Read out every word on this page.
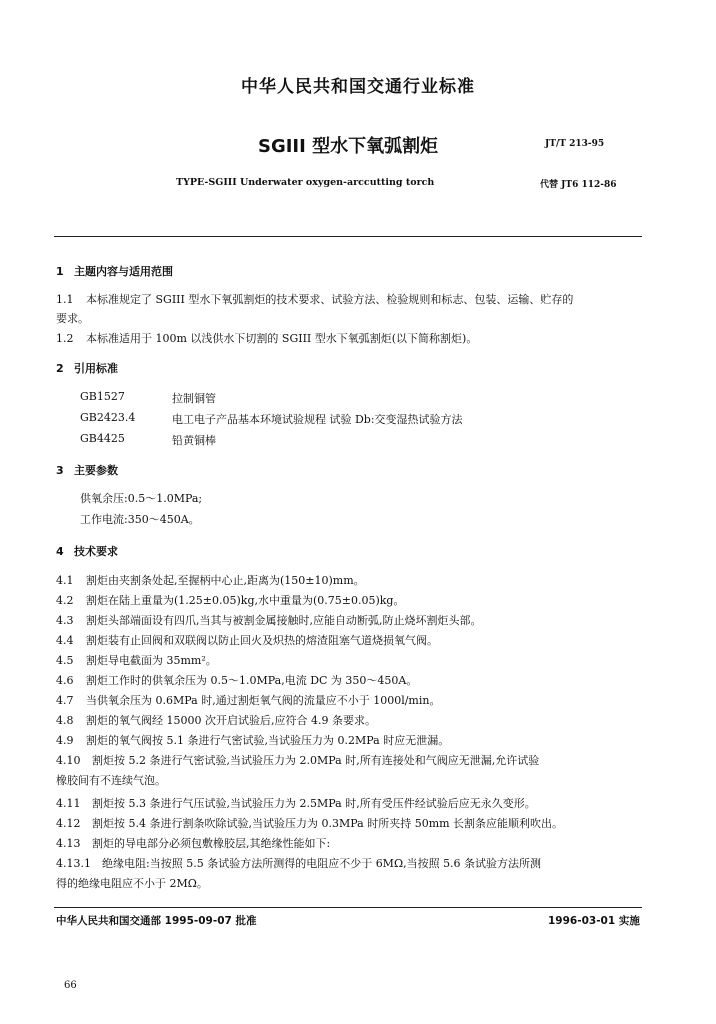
中华人民共和国交通行业标准
SGIII 型水下氧弧割炬	JT/T 213-95
TYPE-SGIII Underwater oxygen-arccutting torch	代替 JT6 112-86
1 主题内容与适用范围
1.1 本标准规定了 SGIII 型水下氧弧割炬的技术要求、试验方法、检验规则和标志、包装、运输、贮存的
要求。
1.2 本标准适用于 100m 以浅供水下切割的 SGIII 型水下氧弧割炬(以下简称割炬)。
2 引用标准
GB1527	拉制铜管
GB2423.4	电工电子产品基本环境试验规程 试验 Db:交变湿热试验方法
GB4425	铅黄铜棒
3 主要参数
供氧余压:0.5～1.0MPa;
工作电流:350～450A。
4 技术要求
4.1 割炬由夹割条处起,至握柄中心止,距离为(150±10)mm。
4.2 割炬在陆上重量为(1.25±0.05)kg,水中重量为(0.75±0.05)kg。
4.3 割炬头部端面设有四爪,当其与被割金属接触时,应能自动断弧,防止烧坏割炬头部。
4.4 割炬装有止回阀和双联阀以防止回火及炽热的熔渣阻塞气道烧损氧气阀。
4.5 割炬导电截面为 35mm²。
4.6 割炬工作时的供氧余压为 0.5～1.0MPa,电流 DC 为 350～450A。
4.7 当供氧余压为 0.6MPa 时,通过割炬氧气阀的流量应不小于 1000l/min。
4.8 割炬的氧气阀经 15000 次开启试验后,应符合 4.9 条要求。
4.9 割炬的氧气阀按 5.1 条进行气密试验,当试验压力为 0.2MPa 时应无泄漏。
4.10 割炬按 5.2 条进行气密试验,当试验压力为 2.0MPa 时,所有连接处和气阀应无泄漏,允许试验
橡胶间有不连续气泡。
4.11 割炬按 5.3 条进行气压试验,当试验压力为 2.5MPa 时,所有受压件经试验后应无永久变形。
4.12 割炬按 5.4 条进行割条吹除试验,当试验压力为 0.3MPa 时所夹持 50mm 长割条应能顺利吹出。
4.13 割炬的导电部分必须包敷橡胶层,其绝缘性能如下:
4.13.1 绝缘电阻:当按照 5.5 条试验方法所测得的电阻应不少于 6MΩ,当按照 5.6 条试验方法所测
得的绝缘电阻应不小于 2MΩ。
中华人民共和国交通部 1995-09-07 批准	1996-03-01 实施
66
